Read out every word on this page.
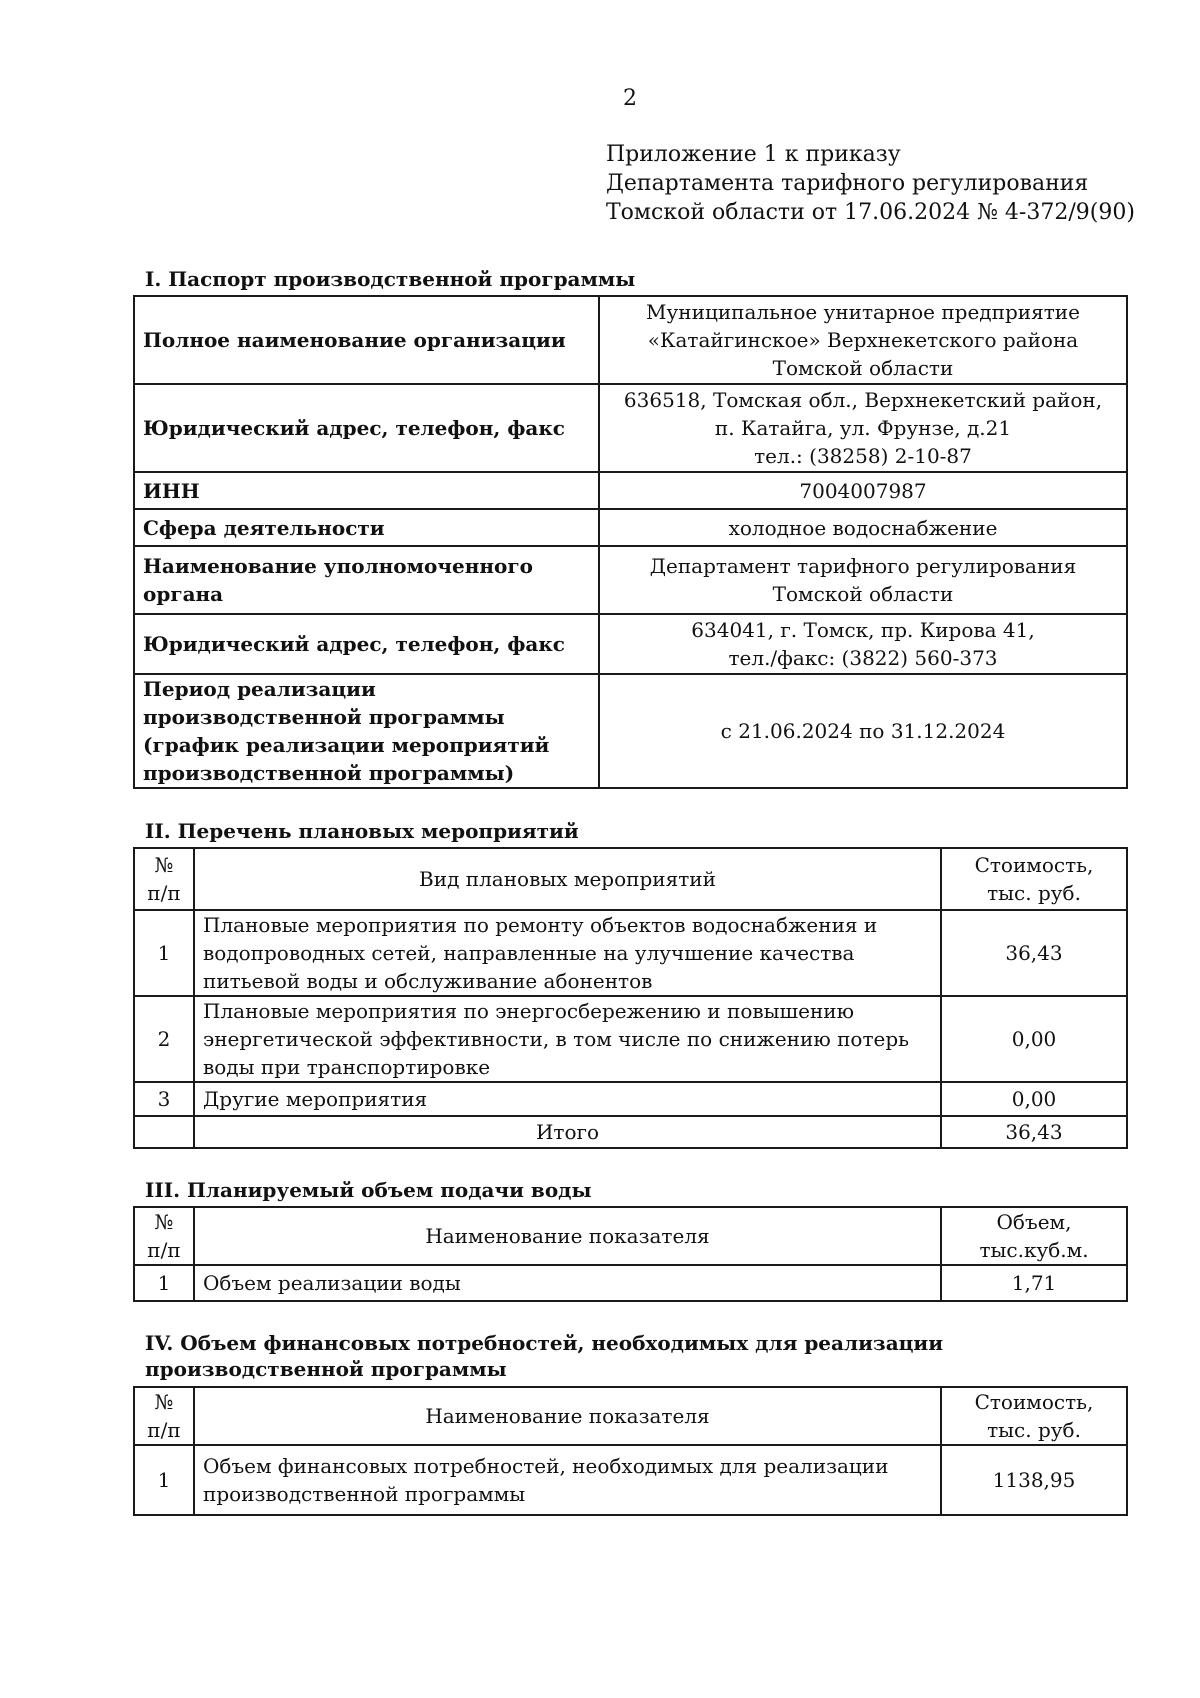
2
Приложение 1 к приказу
Департамента тарифного регулирования
Томской области от 17.06.2024 № 4-372/9(90)
I. Паспорт производственной программы
Полное наименование организации	Муниципальное унитарное предприятие
«Катайгинское» Верхнекетского района
Томской области
Юридический адрес, телефон, факс	636518, Томская обл., Верхнекетский район,
п. Катайга, ул. Фрунзе, д.21
тел.: (38258) 2-10-87
ИНН	7004007987
Сфера деятельности	холодное водоснабжение
Наименование уполномоченного органа	Департамент тарифного регулирования
Томской области
Юридический адрес, телефон, факс	634041, г. Томск, пр. Кирова 41,
тел./факс: (3822) 560-373
Период реализации производственной программы (график реализации мероприятий производственной программы)	с 21.06.2024 по 31.12.2024
II. Перечень плановых мероприятий
№
п/п	Вид плановых мероприятий	Стоимость,
тыс. руб.
1	Плановые мероприятия по ремонту объектов водоснабжения и водопроводных сетей, направленные на улучшение качества питьевой воды и обслуживание абонентов	36,43
2	Плановые мероприятия по энергосбережению и повышению энергетической эффективности, в том числе по снижению потерь воды при транспортировке	0,00
3	Другие мероприятия	0,00
	Итого	36,43
III. Планируемый объем подачи воды
№
п/п	Наименование показателя	Объем,
тыс.куб.м.
1	Объем реализации воды	1,71
IV. Объем финансовых потребностей, необходимых для реализации производственной программы
№
п/п	Наименование показателя	Стоимость,
тыс. руб.
1	Объем финансовых потребностей, необходимых для реализации производственной программы	1138,95
